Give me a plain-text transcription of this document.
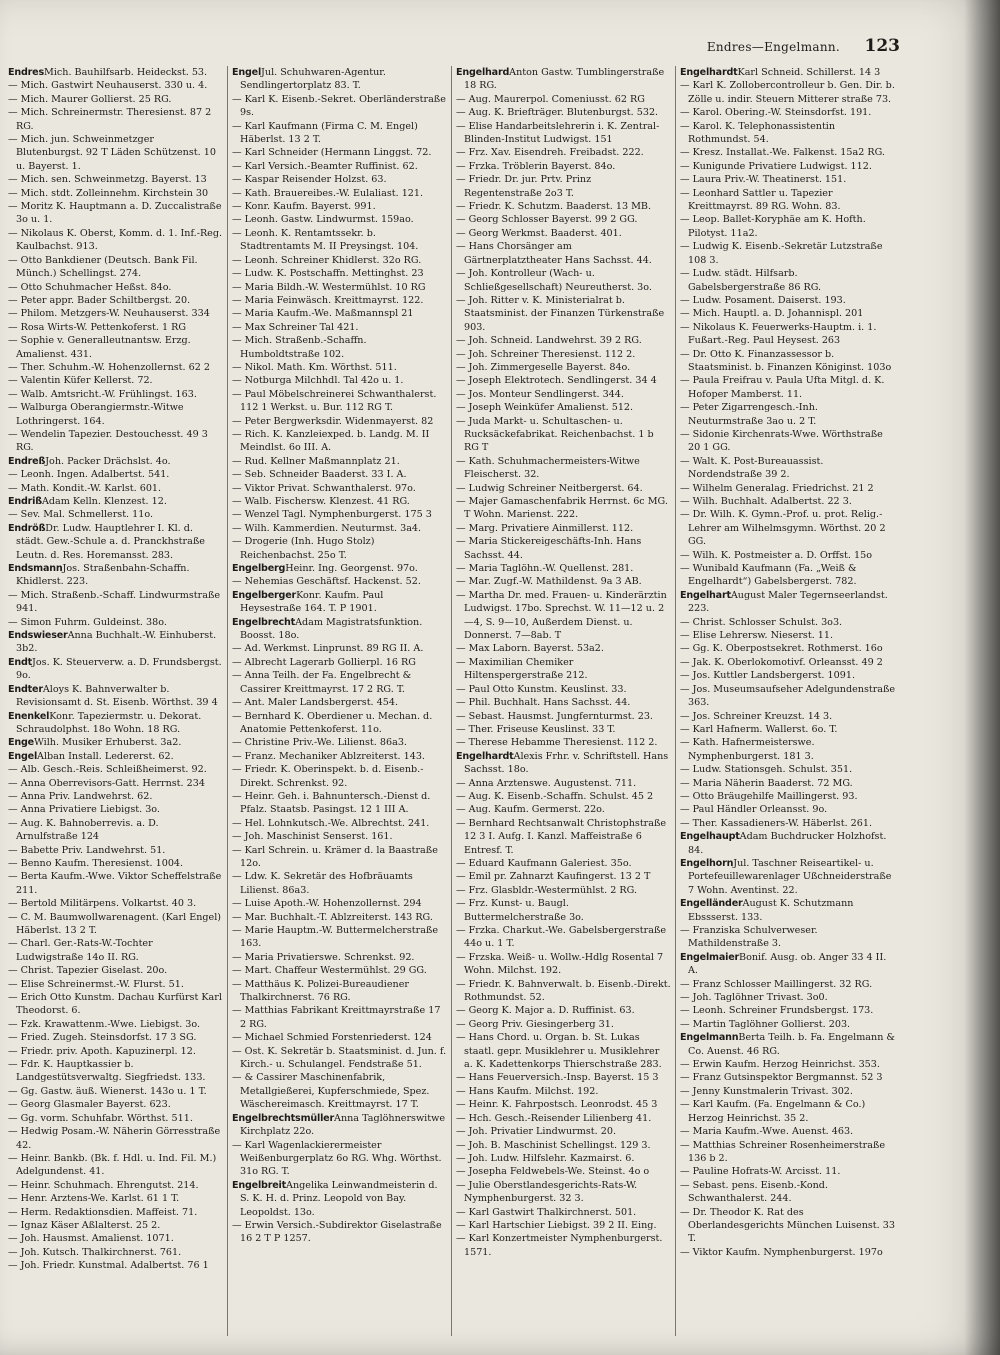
Endres—Engelmann. 123

EndresMich. Bauhilfsarb. Heideckst. 53.

— Mich. Gastwirt Neuhauserst. 330 u. 4.

— Mich. Maurer Gollierst. 25 RG.

— Mich. Schreinermstr. Theresienst. 87 2 RG.

— Mich. jun. Schweinmetzger Blutenburgst. 92 T Läden Schützenst. 10 u. Bayerst. 1.

— Mich. sen. Schweinmetzg. Bayerst. 13

— Mich. stdt. Zolleinnehm. Kirchstein 30

— Moritz K. Hauptmann a. D. Zuccalistraße 3o u. 1.

— Nikolaus K. Oberst, Komm. d. 1. Inf.-Reg. Kaulbachst. 913.

— Otto Bankdiener (Deutsch. Bank Fil. Münch.) Schellingst. 274.

— Otto Schuhmacher Heßst. 84o.

— Peter appr. Bader Schiltbergst. 20.

— Philom. Metzgers-W. Neuhauserst. 334

— Rosa Wirts-W. Pettenkoferst. 1 RG

— Sophie v. Generalleutnantsw. Erzg. Amalienst. 431.

— Ther. Schuhm.-W. Hohenzollernst. 62 2

— Valentin Küfer Kellerst. 72.

— Walb. Amtsricht.-W. Frühlingst. 163.

— Walburga Oberangiermstr.-Witwe Lothringerst. 164.

— Wendelin Tapezier. Destouchesst. 49 3 RG.

EndreßJoh. Packer Drächslst. 4o.

— Leonh. Ingen. Adalbertst. 541.

— Math. Kondit.-W. Karlst. 601.

EndrißAdam Kelln. Klenzest. 12.

— Sev. Mal. Schmellerst. 11o.

EndrößDr. Ludw. Hauptlehrer I. Kl. d. städt. Gew.-Schule a. d. Pranckhstraße Leutn. d. Res. Horemansst. 283.

EndsmannJos. Straßenbahn-Schaffn. Khidlerst. 223.

— Mich. Straßenb.-Schaff. Lindwurmstraße 941.

— Simon Fuhrm. Guldeinst. 38o.

EndswieserAnna Buchhalt.-W. Einhuberst. 3b2.

EndtJos. K. Steuerverw. a. D. Frundsbergst. 9o.

EndterAloys K. Bahnverwalter b. Revisionsamt d. St. Eisenb. Wörthst. 39 4

EnenkelKonr. Tapeziermstr. u. Dekorat. Schraudolphst. 18o Wohn. 18 RG.

EngeWilh. Musiker Erhuberst. 3a2.

EngelAlban Install. Ledererst. 62.

— Alb. Gesch.-Reis. Schleißheimerst. 92.

— Anna Oberrevisors-Gatt. Herrnst. 234

— Anna Priv. Landwehrst. 62.

— Anna Privatiere Liebigst. 3o.

— Aug. K. Bahnoberrevis. a. D. Arnulfstraße 124

— Babette Priv. Landwehrst. 51.

— Benno Kaufm. Theresienst. 1004.

— Berta Kaufm.-Wwe. Viktor Scheffelstraße 211.

— Bertold Militärpens. Volkartst. 40 3.

— C. M. Baumwollwarenagent. (Karl Engel) Häberlst. 13 2 T.

— Charl. Ger.-Rats-W.-Tochter Ludwigstraße 14o II. RG.

— Christ. Tapezier Giselast. 20o.

— Elise Schreinermst.-W. Flurst. 51.

— Erich Otto Kunstm. Dachau Kurfürst Karl Theodorst. 6.

— Fzk. Krawattenm.-Wwe. Liebigst. 3o.

— Fried. Zugeh. Steinsdorfst. 17 3 SG.

— Friedr. priv. Apoth. Kapuzinerpl. 12.

— Fdr. K. Hauptkassier b. Landgestütsverwaltg. Siegfriedst. 133.

— Gg. Gastw. äuß. Wienerst. 143o u. 1 T.

— Georg Glasmaler Bayerst. 623.

— Gg. vorm. Schuhfabr. Wörthst. 511.

— Hedwig Posam.-W. Näherin Görresstraße 42.

— Heinr. Bankb. (Bk. f. Hdl. u. Ind. Fil. M.) Adelgundenst. 41.

— Heinr. Schuhmach. Ehrengutst. 214.

— Henr. Arztens-We. Karlst. 61 1 T.

— Herm. Redaktionsdien. Maffeist. 71.

— Ignaz Käser Aßlalterst. 25 2.

— Joh. Hausmst. Amalienst. 1071.

— Joh. Kutsch. Thalkirchnerst. 761.

— Joh. Friedr. Kunstmal. Adalbertst. 76 1

EngelJul. Schuhwaren-Agentur. Sendlingertorplatz 83. T.

— Karl K. Eisenb.-Sekret. Oberländerstraße 9s.

— Karl Kaufmann (Firma C. M. Engel) Häberlst. 13 2 T.

— Karl Schneider (Hermann Linggst. 72.

— Karl Versich.-Beamter Ruffinist. 62.

— Kaspar Reisender Holzst. 63.

— Kath. Brauereibes.-W. Eulaliast. 121.

— Konr. Kaufm. Bayerst. 991.

— Leonh. Gastw. Lindwurmst. 159ao.

— Leonh. K. Rentamtssekr. b. Stadtrentamts M. II Preysingst. 104.

— Leonh. Schreiner Khidlerst. 32o RG.

— Ludw. K. Postschaffn. Mettinghst. 23

— Maria Bildh.-W. Westermühlst. 10 RG

— Maria Feinwäsch. Kreittmayrst. 122.

— Maria Kaufm.-We. Maßmannspl 21

— Max Schreiner Tal 421.

— Mich. Straßenb.-Schaffn. Humboldtstraße 102.

— Nikol. Math. Km. Wörthst. 511.

— Notburga Milchhdl. Tal 42o u. 1.

— Paul Möbelschreinerei Schwanthalerst. 112 1 Werkst. u. Bur. 112 RG T.

— Peter Bergwerksdir. Widenmayerst. 82

— Rich. K. Kanzleiexped. b. Landg. M. II Meindlst. 6o III. A.

— Rud. Kellner Maßmannplatz 21.

— Seb. Schneider Baaderst. 33 I. A.

— Viktor Privat. Schwanthalerst. 97o.

— Walb. Fischersw. Klenzest. 41 RG.

— Wenzel Tagl. Nymphenburgerst. 175 3

— Wilh. Kammerdien. Neuturmst. 3a4.

— Drogerie (Inh. Hugo Stolz) Reichenbachst. 25o T.

EngelbergHeinr. Ing. Georgenst. 97o.

— Nehemias Geschäftsf. Hackenst. 52.

EngelbergerKonr. Kaufm. Paul Heysestraße 164. T. P 1901.

EngelbrechtAdam Magistratsfunktion. Boosst. 18o.

— Ad. Werkmst. Linprunst. 89 RG II. A.

— Albrecht Lagerarb Gollierpl. 16 RG

— Anna Teilh. der Fa. Engelbrecht & Cassirer Kreittmayrst. 17 2 RG. T.

— Ant. Maler Landsbergerst. 454.

— Bernhard K. Oberdiener u. Mechan. d. Anatomie Pettenkoferst. 11o.

— Christine Priv.-We. Lilienst. 86a3.

— Franz. Mechaniker Ablzreiterst. 143.

— Friedr. K. Oberinspekt. b. d. Eisenb.-Direkt. Schrenkst. 92.

— Heinr. Geh. i. Bahnuntersch.-Dienst d. Pfalz. Staatsb. Pasingst. 12 1 III A.

— Hel. Lohnkutsch.-We. Albrechtst. 241.

— Joh. Maschinist Senserst. 161.

— Karl Schrein. u. Krämer d. la Baastraße 12o.

— Ldw. K. Sekretär des Hofbräuamts Lilienst. 86a3.

— Luise Apoth.-W. Hohenzollernst. 294

— Mar. Buchhalt.-T. Ablzreiterst. 143 RG.

— Marie Hauptm.-W. Buttermelcherstraße 163.

— Maria Privatierswe. Schrenkst. 92.

— Mart. Chaffeur Westermühlst. 29 GG.

— Matthäus K. Polizei-Bureaudiener Thalkirchnerst. 76 RG.

— Matthias Fabrikant Kreittmayrstraße 17 2 RG.

— Michael Schmied Forstenriederst. 124

— Ost. K. Sekretär b. Staatsminist. d. Jun. f. Kirch.- u. Schulangel. Fendstraße 51.

— & Cassirer Maschinenfabrik, Metallgießerei, Kupferschmiede, Spez. Wäschereimasch. Kreittmayrst. 17 T.

EngelbrechtsmüllerAnna Taglöhnerswitwe Kirchplatz 22o.

— Karl Wagenlackierermeister Weißenburgerplatz 6o RG. Whg. Wörthst. 31o RG. T.

EngelbreitAngelika Leinwandmeisterin d. S. K. H. d. Prinz. Leopold von Bay. Leopoldst. 13o.

— Erwin Versich.-Subdirektor Giselastraße 16 2 T P 1257.

EngelhardAnton Gastw. Tumblingerstraße 18 RG.

— Aug. Maurerpol. Comeniusst. 62 RG

— Aug. K. Briefträger. Blutenburgst. 532.

— Elise Handarbeitslehrerin i. K. Zentral-Blinden-Institut Ludwigst. 151

— Frz. Xav. Eisendreh. Freibadst. 222.

— Frzka. Tröblerin Bayerst. 84o.

— Friedr. Dr. jur. Prtv. Prinz Regentenstraße 2o3 T.

— Friedr. K. Schutzm. Baaderst. 13 MB.

— Georg Schlosser Bayerst. 99 2 GG.

— Georg Werkmst. Baaderst. 401.

— Hans Chorsänger am Gärtnerplatztheater Hans Sachsst. 44.

— Joh. Kontrolleur (Wach- u. Schließgesellschaft) Neureutherst. 3o.

— Joh. Ritter v. K. Ministerialrat b. Staatsminist. der Finanzen Türkenstraße 903.

— Joh. Schneid. Landwehrst. 39 2 RG.

— Joh. Schreiner Theresienst. 112 2.

— Joh. Zimmergeselle Bayerst. 84o.

— Joseph Elektrotech. Sendlingerst. 34 4

— Jos. Monteur Sendlingerst. 344.

— Joseph Weinküfer Amalienst. 512.

— Juda Markt- u. Schultaschen- u. Rucksäckefabrikat. Reichenbachst. 1 b RG T

— Kath. Schuhmachermeisters-Witwe Fleischerst. 32.

— Ludwig Schreiner Neitbergerst. 64.

— Majer Gamaschenfabrik Herrnst. 6c MG. T Wohn. Marienst. 222.

— Marg. Privatiere Ainmillerst. 112.

— Maria Stickereigeschäfts-Inh. Hans Sachsst. 44.

— Maria Taglöhn.-W. Quellenst. 281.

— Mar. Zugf.-W. Mathildenst. 9a 3 AB.

— Martha Dr. med. Frauen- u. Kinderärztin Ludwigst. 17bo. Sprechst. W. 11—12 u. 2—4, S. 9—10, Außerdem Dienst. u. Donnerst. 7—8ab. T

— Max Laborn. Bayerst. 53a2.

— Maximilian Chemiker Hiltenspergerstraße 212.

— Paul Otto Kunstm. Keuslinst. 33.

— Phil. Buchhalt. Hans Sachsst. 44.

— Sebast. Hausmst. Jungfernturmst. 23.

— Ther. Friseuse Keuslinst. 33 T.

— Therese Hebamme Theresienst. 112 2.

EngelhardtAlexis Frhr. v. Schriftstell. Hans Sachsst. 18o.

— Anna Arztenswe. Augustenst. 711.

— Aug. K. Eisenb.-Schaffn. Schulst. 45 2

— Aug. Kaufm. Germerst. 22o.

— Bernhard Rechtsanwalt Christophstraße 12 3 I. Aufg. I. Kanzl. Maffeistraße 6 Entresf. T.

— Eduard Kaufmann Galeriest. 35o.

— Emil pr. Zahnarzt Kaufingerst. 13 2 T

— Frz. Glasbldr.-Westermühlst. 2 RG.

— Frz. Kunst- u. Baugl. Buttermelcherstraße 3o.

— Frzka. Charkut.-We. Gabelsbergerstraße 44o u. 1 T.

— Frzska. Weiß- u. Wollw.-Hdlg Rosental 7 Wohn. Milchst. 192.

— Friedr. K. Bahnverwalt. b. Eisenb.-Direkt. Rothmundst. 52.

— Georg K. Major a. D. Ruffinist. 63.

— Georg Priv. Giesingerberg 31.

— Hans Chord. u. Organ. b. St. Lukas staatl. gepr. Musiklehrer u. Musiklehrer a. K. Kadettenkorps Thierschstraße 283.

— Hans Feuerversich.-Insp. Bayerst. 15 3

— Hans Kaufm. Milchst. 192.

— Heinr. K. Fahrpostsch. Leonrodst. 45 3

— Hch. Gesch.-Reisender Lilienberg 41.

— Joh. Privatier Lindwurmst. 20.

— Joh. B. Maschinist Schellingst. 129 3.

— Joh. Ludw. Hilfslehr. Kazmairst. 6.

— Josepha Feldwebels-We. Steinst. 4o o

— Julie Oberstlandesgerichts-Rats-W. Nymphenburgerst. 32 3.

— Karl Gastwirt Thalkirchnerst. 501.

— Karl Hartschier Liebigst. 39 2 II. Eing.

— Karl Konzertmeister Nymphenburgerst. 1571.

EngelhardtKarl Schneid. Schillerst. 14 3

— Karl K. Zollobercontrolleur b. Gen. Dir. b. Zölle u. indir. Steuern Mitterer straße 73.

— Karol. Obering.-W. Steinsdorfst. 191.

— Karol. K. Telephonassistentin Rothmundst. 54.

— Kresz. Installat.-We. Falkenst. 15a2 RG.

— Kunigunde Privatiere Ludwigst. 112.

— Laura Priv.-W. Theatinerst. 151.

— Leonhard Sattler u. Tapezier Kreittmayrst. 89 RG. Wohn. 83.

— Leop. Ballet-Koryphäe am K. Hofth. Pilotyst. 11a2.

— Ludwig K. Eisenb.-Sekretär Lutzstraße 108 3.

— Ludw. städt. Hilfsarb. Gabelsbergerstraße 86 RG.

— Ludw. Posament. Daiserst. 193.

— Mich. Hauptl. a. D. Johannispl. 201

— Nikolaus K. Feuerwerks-Hauptm. i. 1. Fußart.-Reg. Paul Heysest. 263

— Dr. Otto K. Finanzassessor b. Staatsminist. b. Finanzen Königinst. 103o

— Paula Freifrau v. Paula Ufta Mitgl. d. K. Hofoper Mamberst. 11.

— Peter Zigarrengesch.-Inh. Neuturmstraße 3ao u. 2 T.

— Sidonie Kirchenrats-Wwe. Wörthstraße 20 1 GG.

— Walt. K. Post-Bureauassist. Nordendstraße 39 2.

— Wilhelm Generalag. Friedrichst. 21 2

— Wilh. Buchhalt. Adalbertst. 22 3.

— Dr. Wilh. K. Gymn.-Prof. u. prot. Relig.-Lehrer am Wilhelmsgymn. Wörthst. 20 2 GG.

— Wilh. K. Postmeister a. D. Orffst. 15o

— Wunibald Kaufmann (Fa. „Weiß & Engelhardt“) Gabelsbergerst. 782.

EngelhartAugust Maler Tegernseerlandst. 223.

— Christ. Schlosser Schulst. 3o3.

— Elise Lehrersw. Nieserst. 11.

— Gg. K. Oberpostsekret. Rothmerst. 16o

— Jak. K. Oberlokomotivf. Orleansst. 49 2

— Jos. Kuttler Landsbergerst. 1091.

— Jos. Museumsaufseher Adelgundenstraße 363.

— Jos. Schreiner Kreuzst. 14 3.

— Karl Hafnerm. Wallerst. 6o. T.

— Kath. Hafnermeisterswe. Nymphenburgerst. 181 3.

— Ludw. Stationsgeh. Schulst. 351.

— Maria Näherin Baaderst. 72 MG.

— Otto Bräugehilfe Maillingerst. 93.

— Paul Händler Orleansst. 9o.

— Ther. Kassadieners-W. Häberlst. 261.

EngelhauptAdam Buchdrucker Holzhofst. 84.

EngelhornJul. Taschner Reiseartikel- u. Portefeuillewarenlager Ußchneiderstraße 7 Wohn. Aventinst. 22.

EngelländerAugust K. Schutzmann Ebssserst. 133.

— Franziska Schulverweser. Mathildenstraße 3.

EngelmaierBonif. Ausg. ob. Anger 33 4 II. A.

— Franz Schlosser Maillingerst. 32 RG.

— Joh. Taglöhner Trivast. 3o0.

— Leonh. Schreiner Frundsbergst. 173.

— Martin Taglöhner Gollierst. 203.

EngelmannBerta Teilh. b. Fa. Engelmann & Co. Auenst. 46 RG.

— Erwin Kaufm. Herzog Heinrichst. 353.

— Franz Gutsinspektor Bergmannst. 52 3

— Jenny Kunstmalerin Trivast. 302.

— Karl Kaufm. (Fa. Engelmann & Co.) Herzog Heinrichst. 35 2.

— Maria Kaufm.-Wwe. Auenst. 463.

— Matthias Schreiner Rosenheimerstraße 136 b 2.

— Pauline Hofrats-W. Arcisst. 11.

— Sebast. pens. Eisenb.-Kond. Schwanthalerst. 244.

— Dr. Theodor K. Rat des Oberlandesgerichts München Luisenst. 33 T.

— Viktor Kaufm. Nymphenburgerst. 197o
